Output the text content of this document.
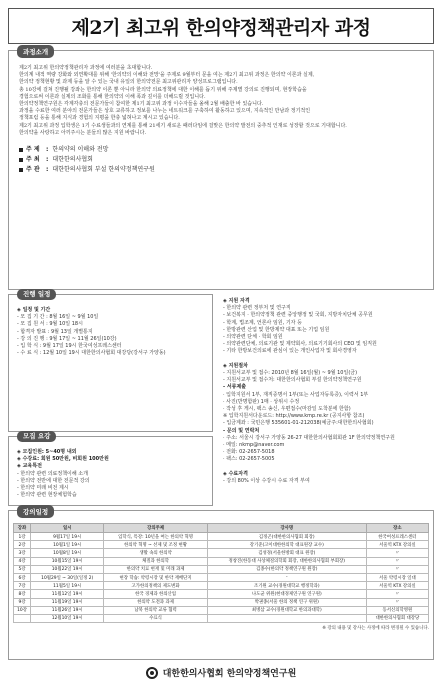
제2기 최고위 한의약정책관리자 과정
과정소개

제2기 최고위 한의약정책관리자 과정에 여러분을 초대합니다.

한의계 내적 역량 강화와 외연확대를 위해 '한의약의 이해와 전망'을 주제로 9월부터 문을 여는 제2기 최고위 과정은 한의약 이론과 실제,

한의약 정책현황 및 과제 등을 알 수 있는 국내 유일의 한의약전문 최고위관리자 양성프로그램입니다.

총 10강에 걸쳐 진행될 강좌는 한의약 이론 뿐 아니라 한의약 의료정책에 대한 이해를 돕기 위해 주제별 강의로 진행되며, 현장학습을

경험으로써 이론과 실제의 조화를 통해 한의약의 이해 폭과 깊이를 더해드릴 것입니다.

한의약정책연구원은 각계각층의 전문가들이 참여한 제1기 최고위 과정 이수자들을 올해 2월 배출한 바 있습니다.

과정을 수료한 여러 분야의 전문가들은 상호 교류하고 정보를 나누는 네트워크를 구축하여 활동하고 있으며, 지속적인 만남과 정기적인

정책포럼 등을 통해 지식과 경험의 지평을 한층 넓혀나고 계시고 있습니다.

제2기 최고위 과정 입학생은 1기 수료생들과의 연계를 통해 21세기 새로운 패러다임에 걸맞은 한의약 발전의 중추적 인재로 성장할 것으로 기대합니다.

한의약을 사랑하고 아끼주시는 분들의 많은 지원 바랍니다.

주 제	: 한의약의 이해와 전망
주 최	: 대한한의사협회
주 관	: 대한한의사협회 부설 한의약정책연구원
진행 일정

◈ 일정 및 기간

- 모 집 기 간 : 8월 16일 ~ 9월 10일

- 모 집 원 서 : 9월 10일 18시

- 합격자 발표 : 9월 13일 개별통지

- 강 의 진 행 : 9월 17일 ~ 11월 26일(10강)

- 입 학 식 : 9월 17일 19시 한국여성프레스센터

- 수 료 식 : 12월 10일 19시 대한한의사협회 대강당(강서구 가양동)

모집 요강

◈ 모집인원: 5~40명 내외

◈ 수강료: 회원 50만원, 비회원 100만원

◈ 교육특전

- 한의약 관련 의료정책이해 소개

- 한의약 전반에 대한 전문적 강의

- 한의약 미래 비전 제시

- 한의약 관련 현장체험학습

◈ 지원 자격

- 한의약 관련 정부처 및 연구직

- 보건복지 · 한의약정책 관련 중앙행정 및 국회, 지방자치단체 공무원

- 학계, 법조계, 언론사 임원, 기자 등

- 한방관련 산업 및 한방제약 대표 또는 기업 임원

- 의약관련 단체 · 학회 임원

- 의약관련단체, 의료기관 및 제약회사, 의료기기회사의 CEO 및 임직원

- 기타 한방보건의료에 관심이 있는 개인사업자 및 회사경영자

◈ 지원절차

- 지원서교부 및 접수: 2010년 8월 16일(월) ~ 9월 10일(금)

- 지원서교부 및 접수처: 대한한의사협회 부설 한의약정책연구원

- 서류제출

· 입학지원서 1부, 재직증명서 1부(또는 사업자등록증), 이력서 1부

· 사진(반명함판) 1매 · 상위시 수정

· 작성 후 게시, 팩스 송신, 우편접수(마감일 도착분에 한함)

※ 입학지원서다운로드: http://www.kmp.re.kr (공지사항 참조)

- 입금계좌 : 국민은행 535601-01-212038(예금주:대한한의사협회)

- 문의 및 연락처

· 주소: 서울시 강서구 가양동 26-27 대한한의사협회회관 1F 한의약정책연구원

· 메일: nkmp@naver.com

· 전화: 02-2657-5018

· 팩스: 02-2657-5005

◈ 수료자격

- 강의 80% 이상 수강시 수료 자격 부여

강의일정
강좌	일시	강의주제	강사명	장소
1강	9월17일 19시	입학식, 특강: 10년을 여는 한의약 혁명	김정곤(대한한의사협회 회장)	한국여성프레스센터
2강	10월1일 19시	한의약 혁명 ~ 선제 및 조정 현황	강기준(고이대한한의학 대표원장 교수)	서울역 KTX 강의실
3강	10월8일 19시	생활 속의 한의약	김성경(서울한방회 대표 원장)	〃
4강	10월15일 19시	체질과 한의학	정창진(한동대 사상체질의학회 회장, 대한한의사협회 부회장)	〃
5강	10월22일 19시	한의약 치료 현재 및 미래 과제	김종수(한의약 정책연구원 원장)	〃
6강	10월29일 ~ 30일(일정 2)	현장 학습: 약령시장 및 한약 재배단지	-	서울 약령시장 일대
7강	11월5일 19시	고가한의정책의 제도변화	조기원 교수(경원대학교 행정학과)	서울역 KTX 강의실
8강	11월12일 19시	한국 경제과 한의산업	나도균 위원(현대경제연구원 연구원)	〃
9강	11월19일 19시	한의약 도전과 과제	박권종(서울 한의 정책 연구 위원)	〃
10강	11월26일 19시	남북 한의약 교류 협력	최병삼 교수(경원대학교 한의과대학)	동서신의학병원
	12월10일 19시	수료식		대한한의사협회 대강당
※ 강의 내용 및 강사는 사정에 따라 변경될 수 있습니다.
대한한의사협회 한의약정책연구원
